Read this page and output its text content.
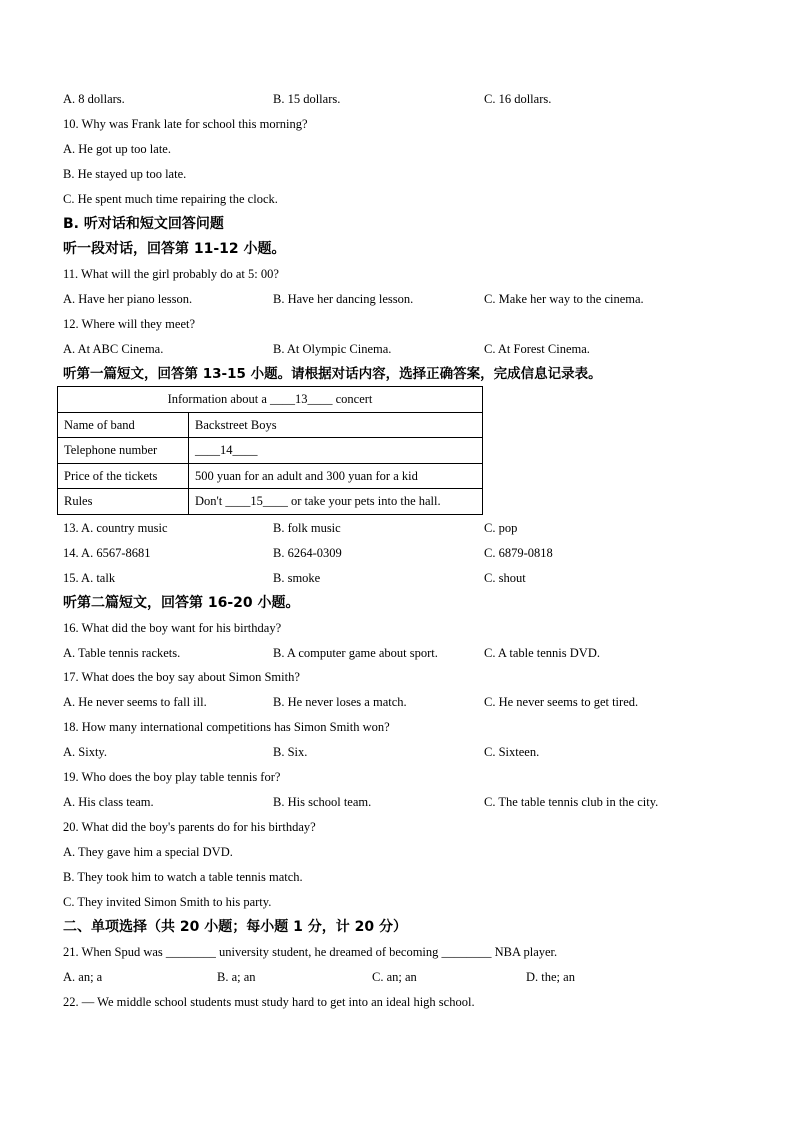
A. 8 dollars.	B. 15 dollars.	C. 16 dollars.
10. Why was Frank late for school this morning?
A. He got up too late.
B. He stayed up too late.
C. He spent much time repairing the clock.
B. 听对话和短文回答问题
听一段对话，回答第 11-12 小题。
11. What will the girl probably do at 5: 00?
A. Have her piano lesson.	B. Have her dancing lesson.	C. Make her way to the cinema.
12. Where will they meet?
A. At ABC Cinema.	B. At Olympic Cinema.	C. At Forest Cinema.
听第一篇短文，回答第 13-15 小题。请根据对话内容，选择正确答案，完成信息记录表。
Information about a ____13____ concert	
Name of band	Backstreet Boys
Telephone number	____14____
Price of the tickets	500 yuan for an adult and 300 yuan for a kid
Rules	Don't ____15____ or take your pets into the hall.
13. A. country music	B. folk music	C. pop
14. A. 6567-8681	B. 6264-0309	C. 6879-0818
15. A. talk	B. smoke	C. shout
听第二篇短文，回答第 16-20 小题。
16. What did the boy want for his birthday?
A. Table tennis rackets.	B. A computer game about sport.	C. A table tennis DVD.
17. What does the boy say about Simon Smith?
A. He never seems to fall ill.	B. He never loses a match.	C. He never seems to get tired.
18. How many international competitions has Simon Smith won?
A. Sixty.	B. Six.	C. Sixteen.
19. Who does the boy play table tennis for?
A. His class team.	B. His school team.	C. The table tennis club in the city.
20. What did the boy's parents do for his birthday?
A. They gave him a special DVD.
B. They took him to watch a table tennis match.
C. They invited Simon Smith to his party.
二、单项选择（共 20 小题；每小题 1 分，计 20 分）
21. When Spud was ________ university student, he dreamed of becoming ________ NBA player.
A. an; a	B. a; an	C. an; an	D. the; an
22. — We middle school students must study hard to get into an ideal high school.
